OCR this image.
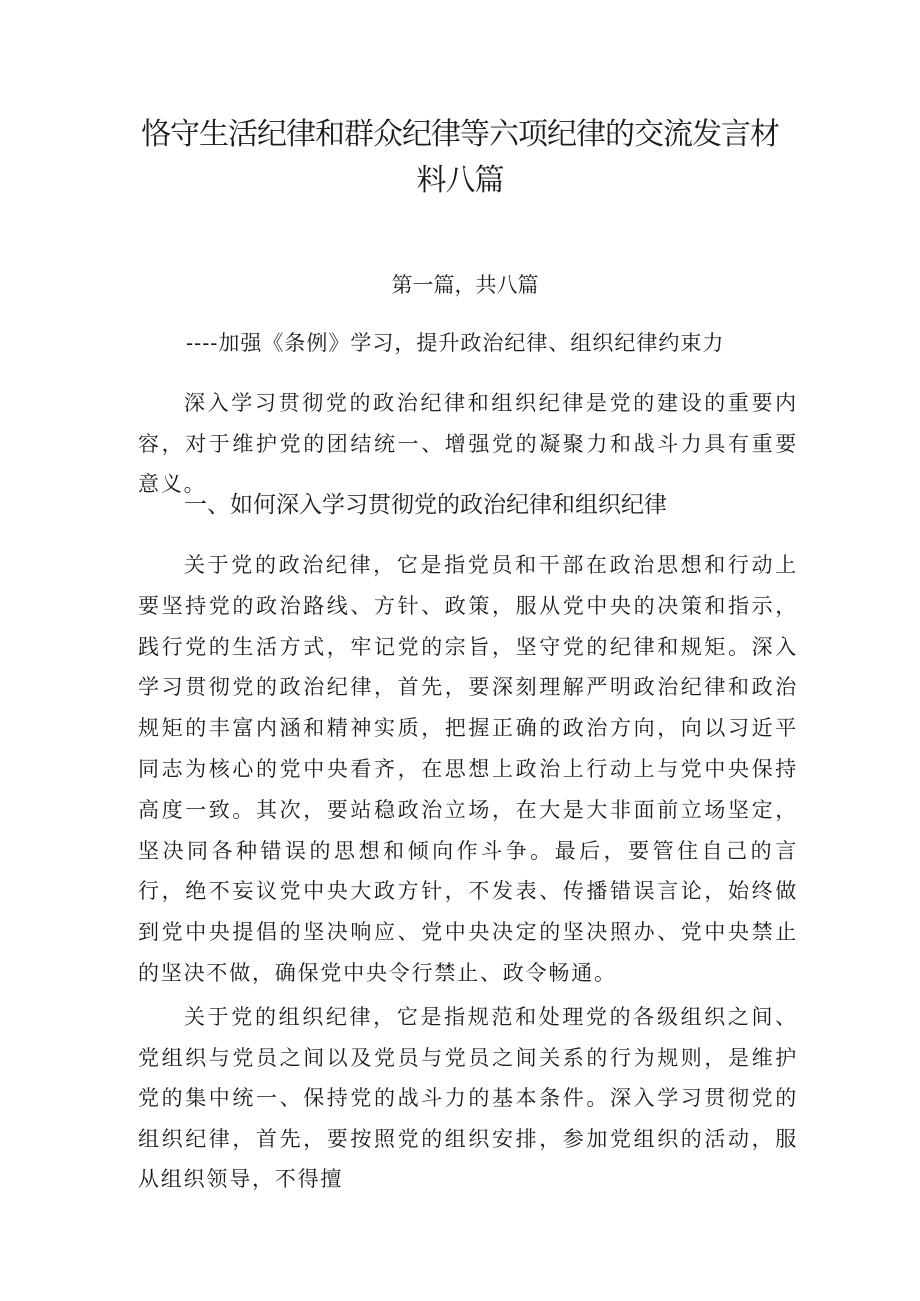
恪守生活纪律和群众纪律等六项纪律的交流发言材料八篇

第一篇，共八篇

----加强《条例》学习，提升政治纪律、组织纪律约束力

深入学习贯彻党的政治纪律和组织纪律是党的建设的重要内容，对于维护党的团结统一、增强党的凝聚力和战斗力具有重要意义。

一、如何深入学习贯彻党的政治纪律和组织纪律

关于党的政治纪律，它是指党员和干部在政治思想和行动上要坚持党的政治路线、方针、政策，服从党中央的决策和指示，践行党的生活方式，牢记党的宗旨，坚守党的纪律和规矩。深入学习贯彻党的政治纪律，首先，要深刻理解严明政治纪律和政治规矩的丰富内涵和精神实质，把握正确的政治方向，向以习近平同志为核心的党中央看齐，在思想上政治上行动上与党中央保持高度一致。其次，要站稳政治立场，在大是大非面前立场坚定，坚决同各种错误的思想和倾向作斗争。最后，要管住自己的言行，绝不妄议党中央大政方针，不发表、传播错误言论，始终做到党中央提倡的坚决响应、党中央决定的坚决照办、党中央禁止的坚决不做，确保党中央令行禁止、政令畅通。

关于党的组织纪律，它是指规范和处理党的各级组织之间、党组织与党员之间以及党员与党员之间关系的行为规则，是维护党的集中统一、保持党的战斗力的基本条件。深入学习贯彻党的组织纪律，首先，要按照党的组织安排，参加党组织的活动，服从组织领导，不得擅
